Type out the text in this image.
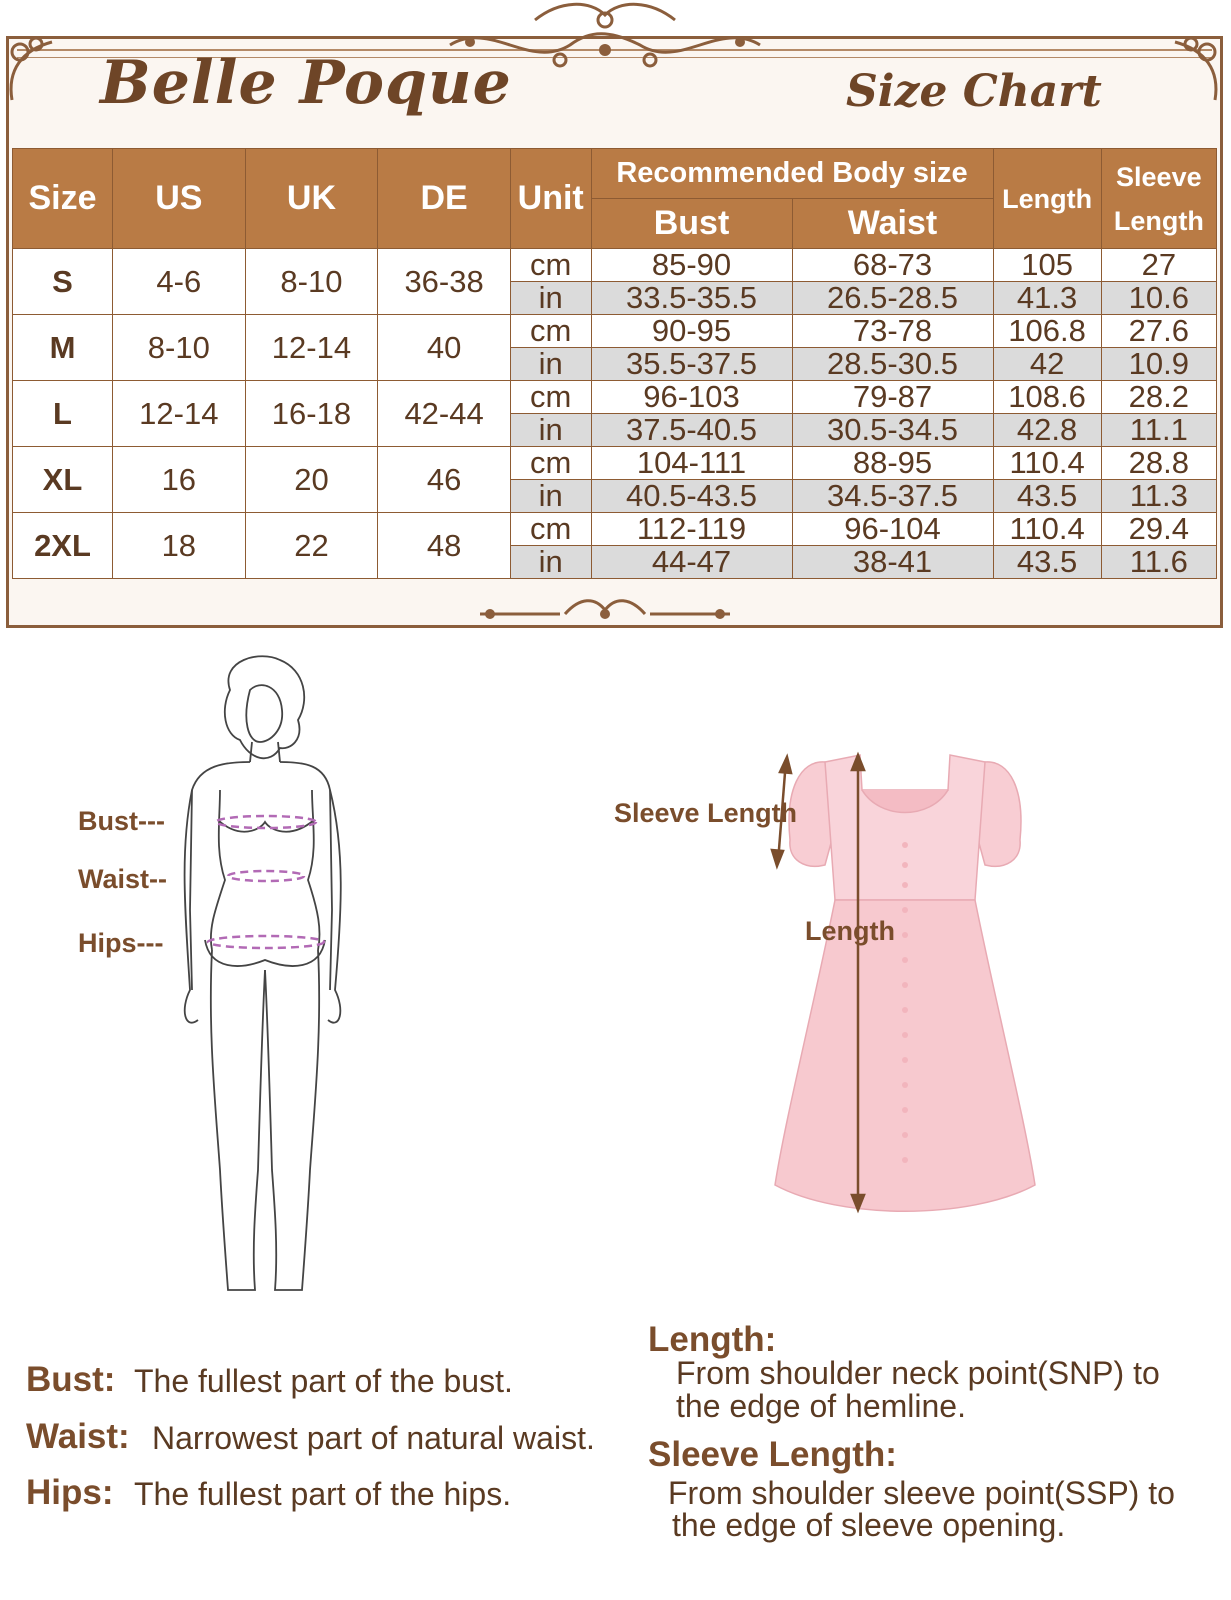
Belle Poque	Size Chart
Size	US	UK	DE	Unit	Recommended Body size		Length	Sleeve
Length

					Bust	Waist		
S	4-6	8-10	36-38	cm	85-90	68-73	105	27
				in	33.5-35.5	26.5-28.5	41.3	10.6
M	8-10	12-14	40	cm	90-95	73-78	106.8	27.6
				in	35.5-37.5	28.5-30.5	42	10.9
L	12-14	16-18	42-44	cm	96-103	79-87	108.6	28.2
				in	37.5-40.5	30.5-34.5	42.8	11.1
XL	16	20	46	cm	104-111	88-95	110.4	28.8
				in	40.5-43.5	34.5-37.5	43.5	11.3
2XL	18	22	48	cm	112-119	96-104	110.4	29.4
				in	44-47	38-41	43.5	11.6
Bust---
Waist--
Hips---
Sleeve Length
Length
Bust: The fullest part of the bust.
Waist: Narrowest part of natural waist.
Hips: The fullest part of the hips.
Length:
From shoulder neck point(SNP) to
the edge of hemline.
Sleeve Length:
From shoulder sleeve point(SSP) to
the edge of sleeve opening.
